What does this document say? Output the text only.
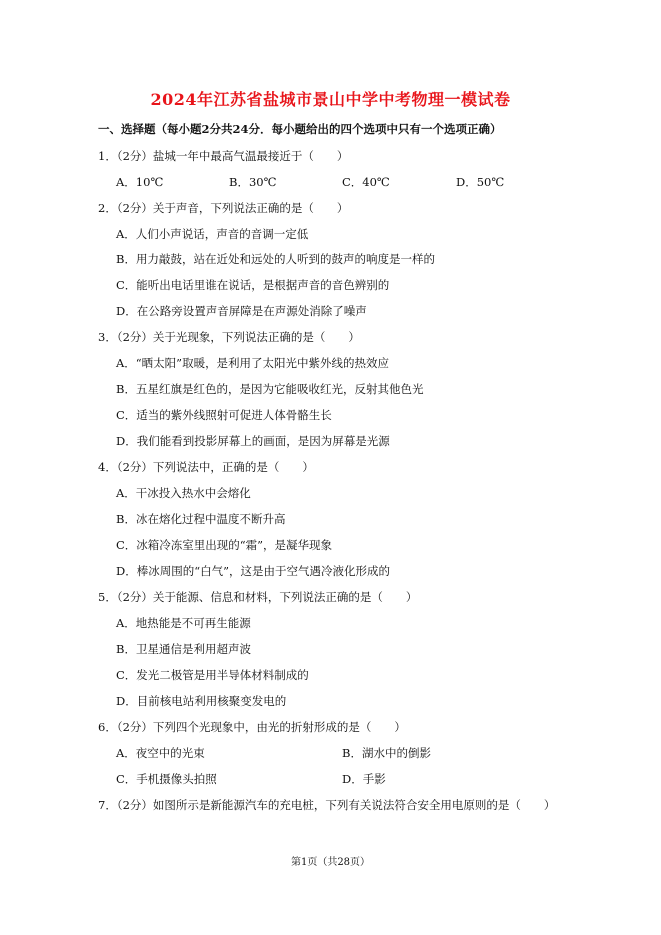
2024年江苏省盐城市景山中学中考物理一模试卷
一、选择题（每小题2分共24分．每小题给出的四个选项中只有一个选项正确）
1．（2分）盐城一年中最高气温最接近于（　　）
A．10℃	B．30℃	C．40℃	D．50℃
2．（2分）关于声音，下列说法正确的是（　　）
A．人们小声说话，声音的音调一定低
B．用力敲鼓，站在近处和远处的人听到的鼓声的响度是一样的
C．能听出电话里谁在说话，是根据声音的音色辨别的
D．在公路旁设置声音屏障是在声源处消除了噪声
3．（2分）关于光现象，下列说法正确的是（　　）
A．“晒太阳”取暖，是利用了太阳光中紫外线的热效应
B．五星红旗是红色的，是因为它能吸收红光，反射其他色光
C．适当的紫外线照射可促进人体骨骼生长
D．我们能看到投影屏幕上的画面，是因为屏幕是光源
4．（2分）下列说法中，正确的是（　　）
A．干冰投入热水中会熔化
B．冰在熔化过程中温度不断升高
C．冰箱冷冻室里出现的“霜”，是凝华现象
D．棒冰周围的“白气”，这是由于空气遇冷液化形成的
5．（2分）关于能源、信息和材料，下列说法正确的是（　　）
A．地热能是不可再生能源
B．卫星通信是利用超声波
C．发光二极管是用半导体材料制成的
D．目前核电站利用核聚变发电的
6．（2分）下列四个光现象中，由光的折射形成的是（　　）
A．夜空中的光束	B．湖水中的倒影
C．手机摄像头拍照	D．手影
7．（2分）如图所示是新能源汽车的充电桩，下列有关说法符合安全用电原则的是（　　）
第1页（共28页）
